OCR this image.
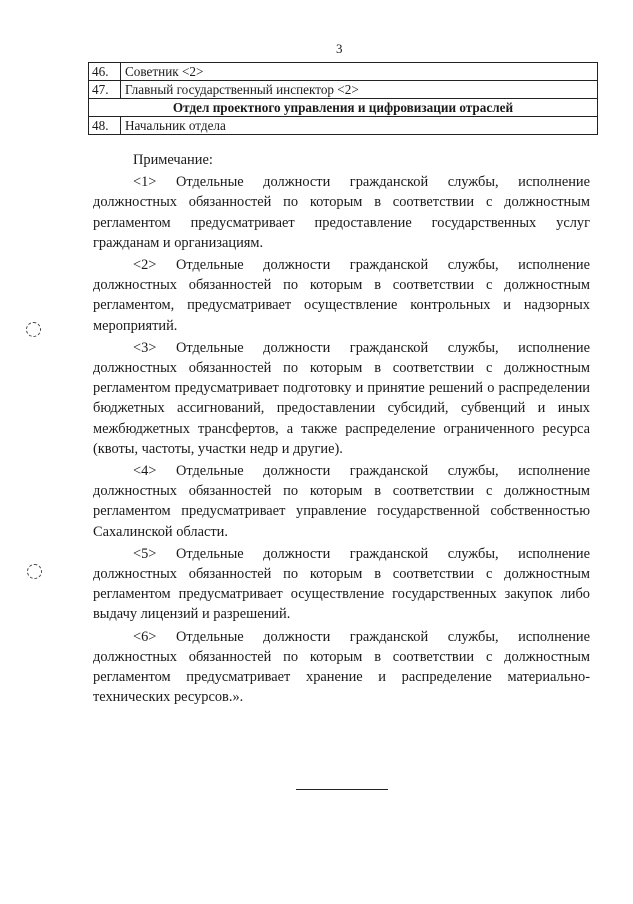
3
46.	Советник <2>
47.	Главный государственный инспектор <2>
Отдел проектного управления и цифровизации отраслей	
48.	Начальник отдела

Примечание:

<1> Отдельные должности гражданской службы, исполнение должностных обязанностей по которым в соответствии с должностным регламентом предусматривает предоставление государственных услуг гражданам и организациям.

<2> Отдельные должности гражданской службы, исполнение должностных обязанностей по которым в соответствии с должностным регламентом, предусматривает осуществление контрольных и надзорных мероприятий.

<3> Отдельные должности гражданской службы, исполнение должностных обязанностей по которым в соответствии с должностным регламентом предусматривает подготовку и принятие решений о распределении бюджетных ассигнований, предоставлении субсидий, субвенций и иных межбюджетных трансфертов, а также распределение ограниченного ресурса (квоты, частоты, участки недр и другие).

<4> Отдельные должности гражданской службы, исполнение должностных обязанностей по которым в соответствии с должностным регламентом предусматривает управление государственной собственностью Сахалинской области.

<5> Отдельные должности гражданской службы, исполнение должностных обязанностей по которым в соответствии с должностным регламентом предусматривает осуществление государственных закупок либо выдачу лицензий и разрешений.

<6> Отдельные должности гражданской службы, исполнение должностных обязанностей по которым в соответствии с должностным регламентом предусматривает хранение и распределение материально-технических ресурсов.».
